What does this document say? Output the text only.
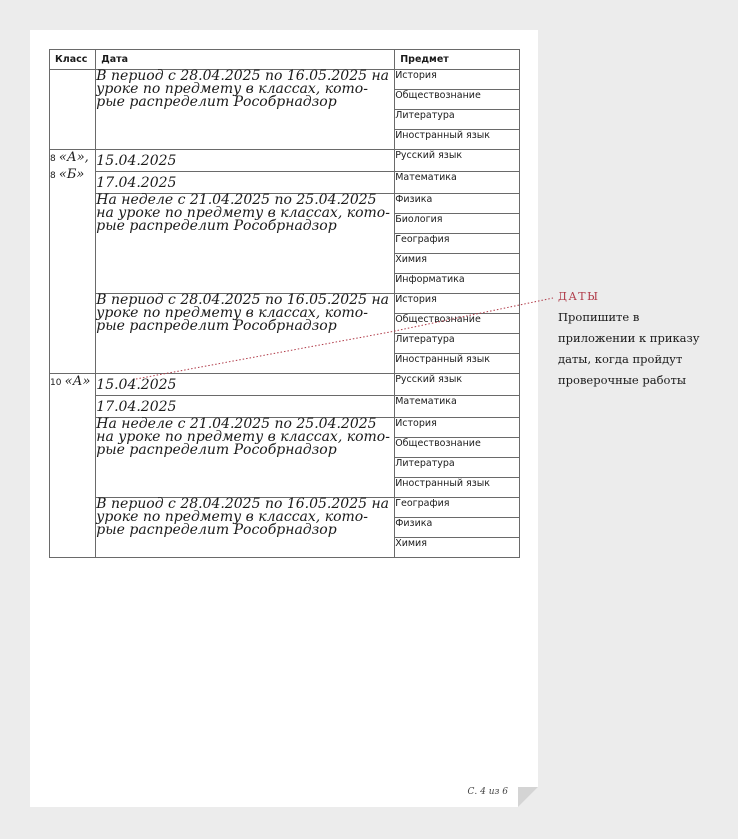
Класс	Дата	Предмет
	В период с 28.04.2025 по 16.05.2025 на уроке по предмету в классах, кото-рые распределит Рособрнадзор	История
		Обществознание
		Литература
		Иностранный язык

8 «А»,
8 «Б»	15.04.2025	Русский язык
	17.04.2025	Математика
	На неделе с 21.04.2025 по 25.04.2025 на уроке по предмету в классах, кото-рые распределит Рособрнадзор	Физика
		Биология
		География
		Химия
		Информатика
	В период с 28.04.2025 по 16.05.2025 на уроке по предмету в классах, кото-рые распределит Рособрнадзор	История
		Обществознание
		Литература
		Иностранный язык

10 «А»	15.04.2025	Русский язык
	17.04.2025	Математика
	На неделе с 21.04.2025 по 25.04.2025 на уроке по предмету в классах, кото-рые распределит Рособрнадзор	История
		Обществознание
		Литература
		Иностранный язык
	В период с 28.04.2025 по 16.05.2025 на уроке по предмету в классах, кото-рые распределит Рособрнадзор	География
		Физика
		Химия
С. 4 из 6
ДАТЫ
Пропишите в приложении к приказу даты, когда пройдут проверочные работы
